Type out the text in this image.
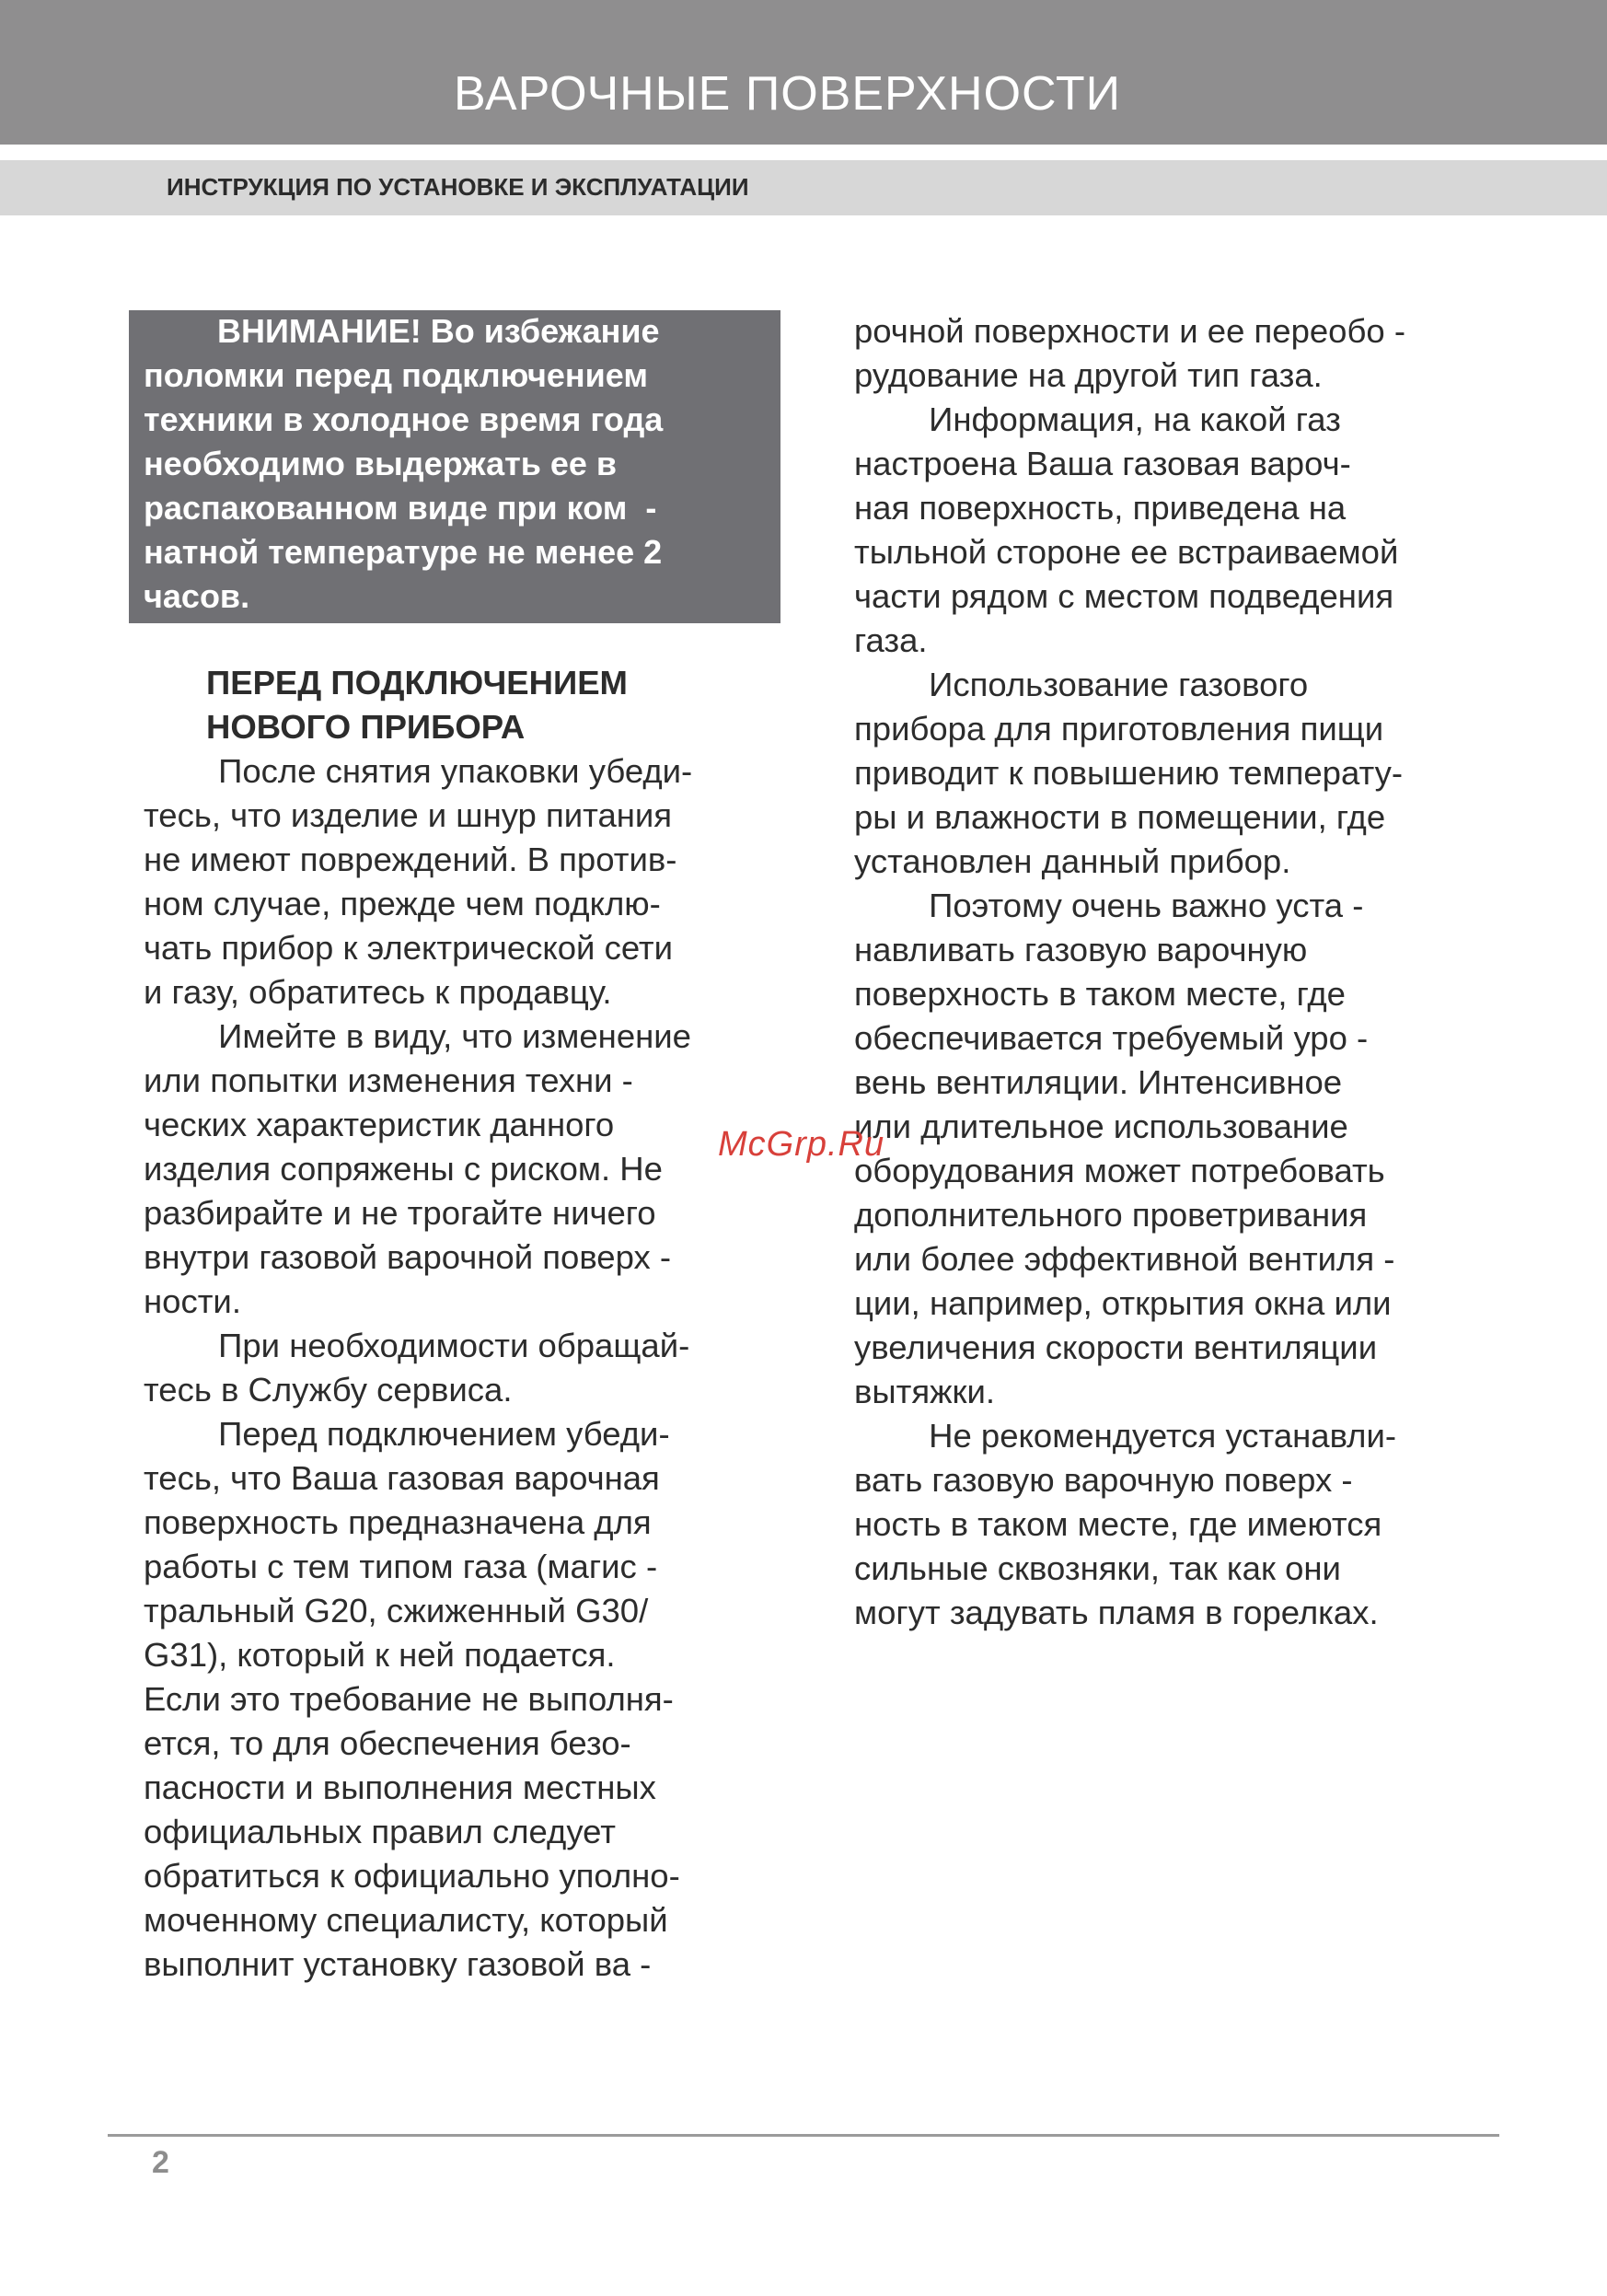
ВАРОЧНЫЕ ПОВЕРХНОСТИ
ИНСТРУКЦИЯ ПО УСТАНОВКЕ И ЭКСПЛУАТАЦИИ
ВНИМАНИЕ! Во избежание
поломки перед подключением
техники в холодное время года
необходимо выдержать ее в
распакованном виде при ком  -
натной температуре не менее 2
часов.
ПЕРЕД ПОДКЛЮЧЕНИЕМ
НОВОГО ПРИБОРА
После снятия упаковки убеди-
тесь, что изделие и шнур питания
не имеют повреждений. В против-
ном случае, прежде чем подклю-
чать прибор к электрической сети
и газу, обратитесь к продавцу.
Имейте в виду, что изменение
или попытки изменения техни -
ческих характеристик данного
изделия сопряжены с риском. Не
разбирайте и не трогайте ничего
внутри газовой варочной поверх -
ности.
При необходимости обращай-
тесь в Службу сервиса.
Перед подключением убеди-
тесь, что Ваша газовая варочная
поверхность предназначена для
работы с тем типом газа (магис -
тральный G20, сжиженный G30/
G31), который к ней подается.
Если это требование не выполня-
ется, то для обеспечения безо-
пасности и выполнения местных
официальных правил следует
обратиться к официально уполно-
моченному специалисту, который
выполнит установку газовой ва -
рочной поверхности и ее переобо -
рудование на другой тип газа.
Информация, на какой газ
настроена Ваша газовая вароч-
ная поверхность, приведена на
тыльной стороне ее встраиваемой
части рядом с местом подведения
газа.
Использование газового
прибора для приготовления пищи
приводит к повышению температу-
ры и влажности в помещении, где
установлен данный прибор.
Поэтому очень важно уста -
навливать газовую варочную
поверхность в таком месте, где
обеспечивается требуемый уро -
вень вентиляции. Интенсивное
или длительное использование
оборудования может потребовать
дополнительного проветривания
или более эффективной вентиля -
ции, например, открытия окна или
увеличения скорости вентиляции
вытяжки.
Не рекомендуется устанавли-
вать газовую варочную поверх -
ность в таком месте, где имеются
сильные сквозняки, так как они
могут задувать пламя в горелках.
McGrp.Ru
2
